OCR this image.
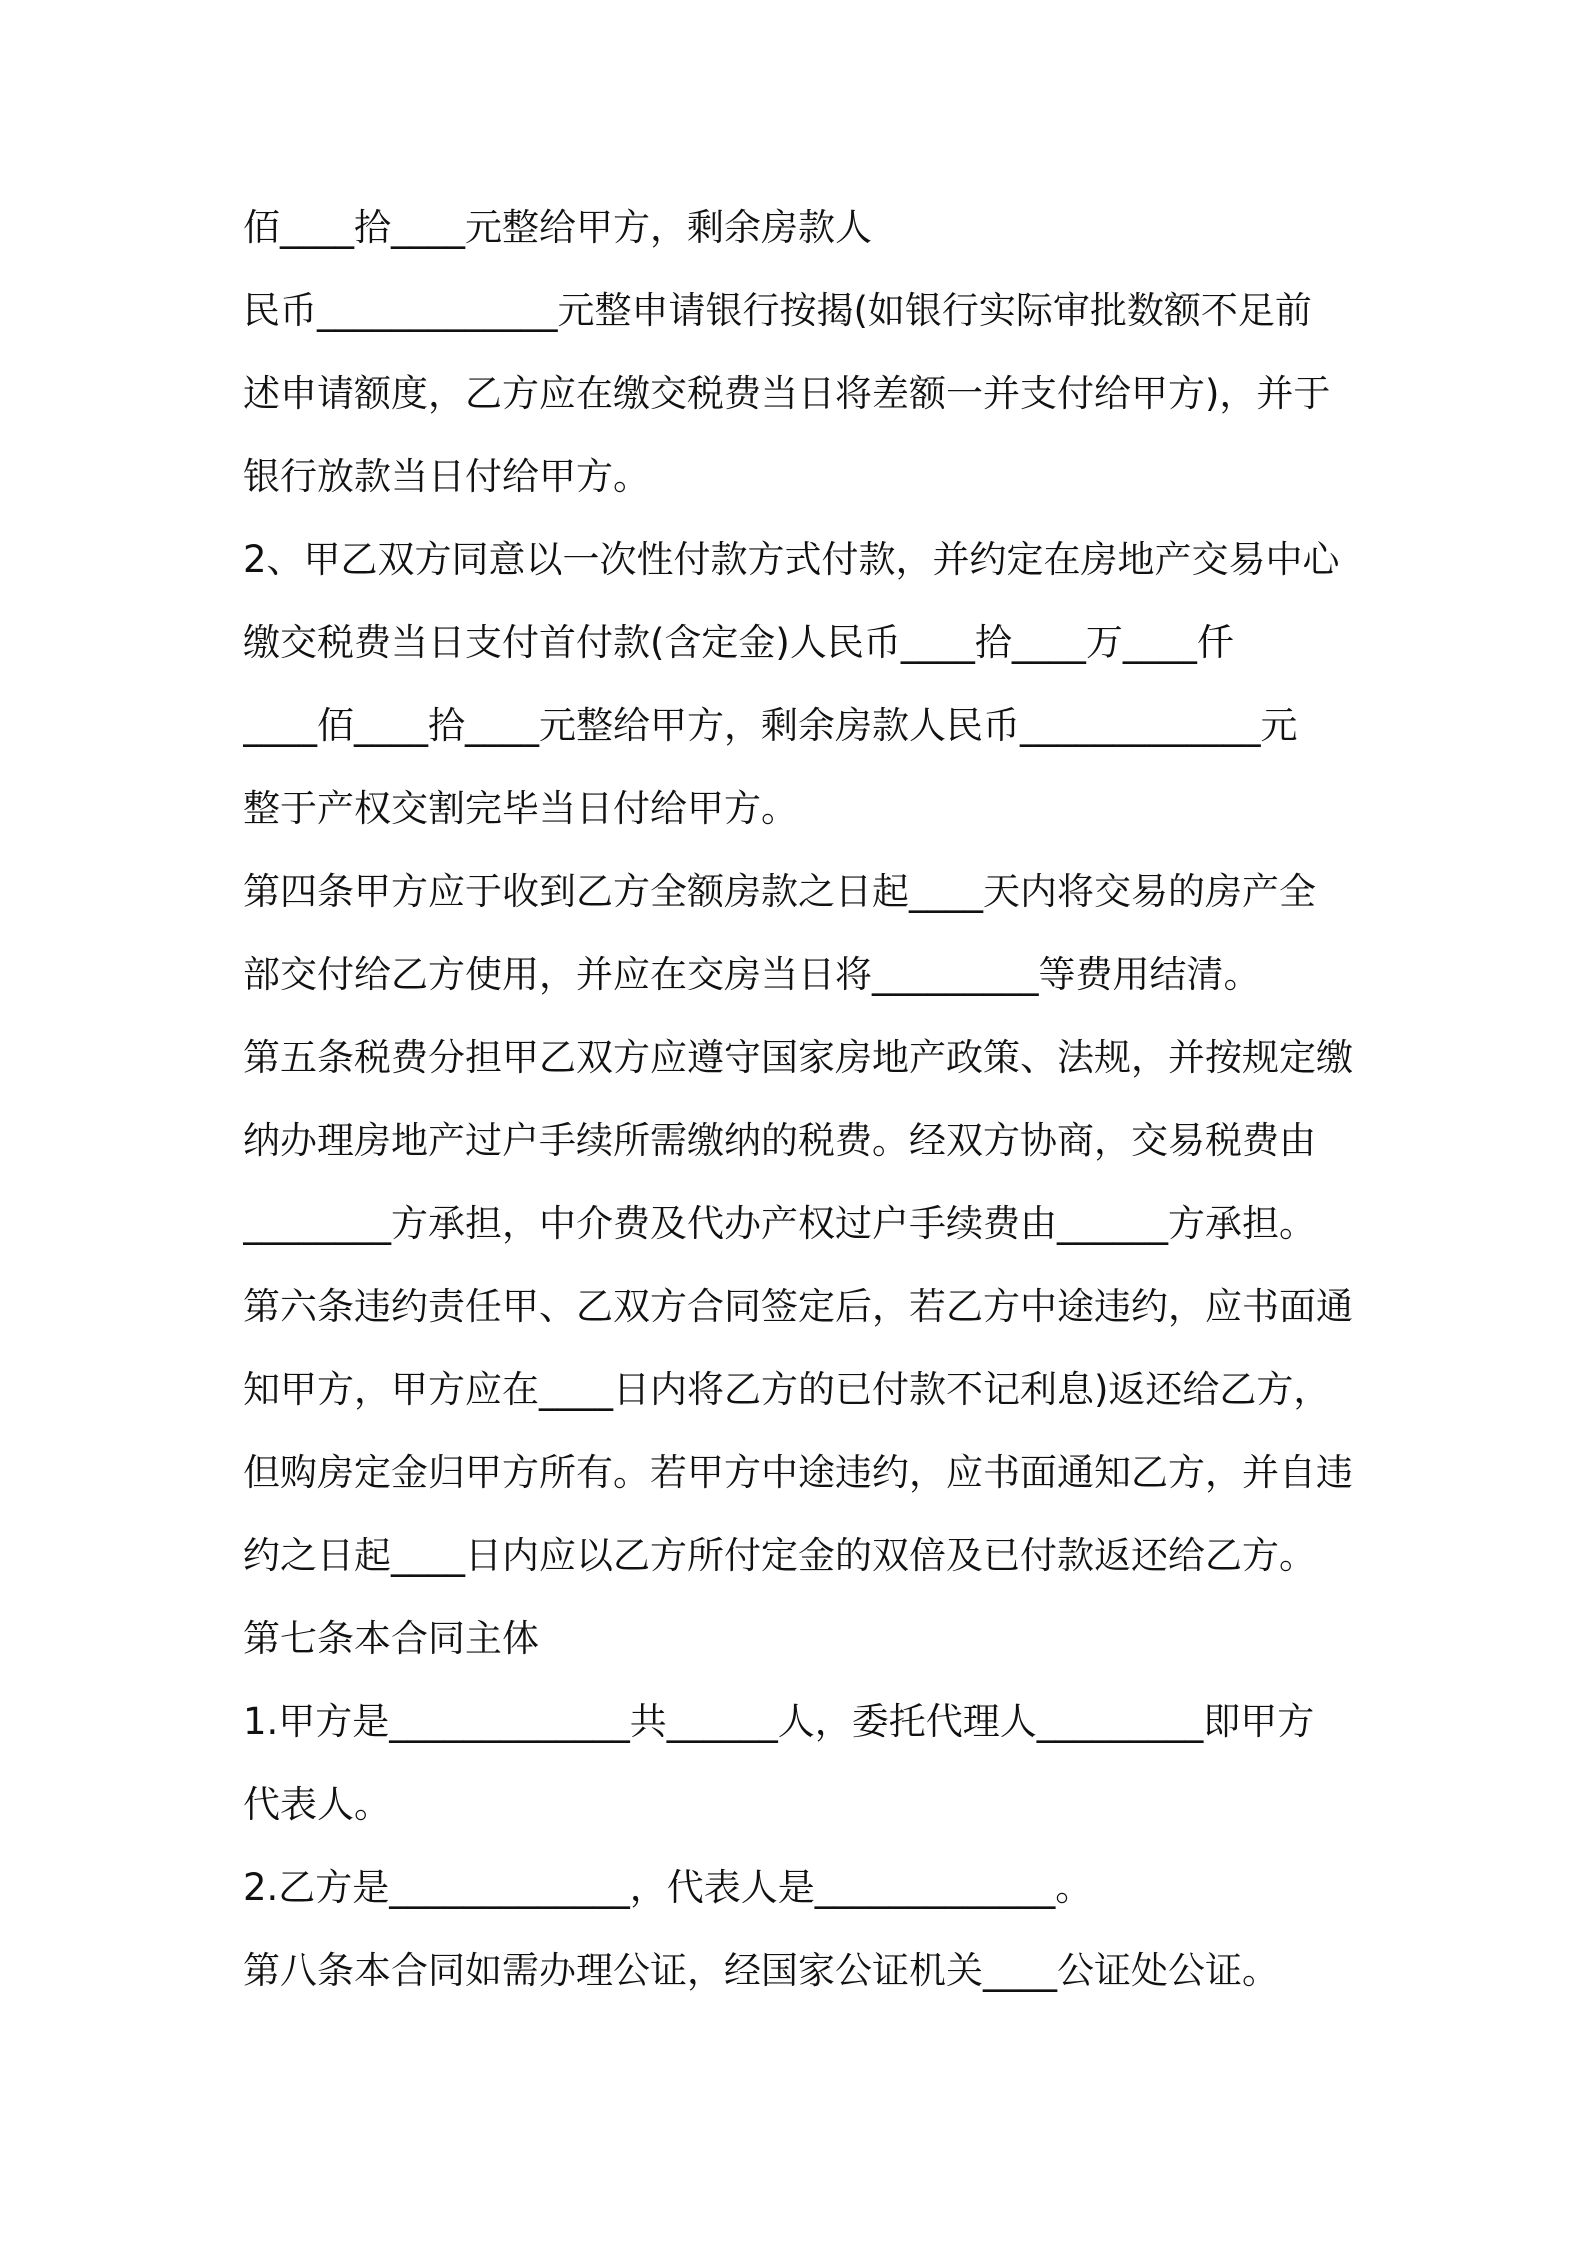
佰____拾____元整给甲方，剩余房款人
民币_____________元整申请银行按揭(如银行实际审批数额不足前
述申请额度，乙方应在缴交税费当日将差额一并支付给甲方)，并于
银行放款当日付给甲方。
2、甲乙双方同意以一次性付款方式付款，并约定在房地产交易中心
缴交税费当日支付首付款(含定金)人民币____拾____万____仟
____佰____拾____元整给甲方，剩余房款人民币_____________元
整于产权交割完毕当日付给甲方。
第四条甲方应于收到乙方全额房款之日起____天内将交易的房产全
部交付给乙方使用，并应在交房当日将_________等费用结清。
第五条税费分担甲乙双方应遵守国家房地产政策、法规，并按规定缴
纳办理房地产过户手续所需缴纳的税费。经双方协商，交易税费由
________方承担，中介费及代办产权过户手续费由______方承担。
第六条违约责任甲、乙双方合同签定后，若乙方中途违约，应书面通
知甲方，甲方应在____日内将乙方的已付款不记利息)返还给乙方，
但购房定金归甲方所有。若甲方中途违约，应书面通知乙方，并自违
约之日起____日内应以乙方所付定金的双倍及已付款返还给乙方。
第七条本合同主体
1.甲方是_____________共______人，委托代理人_________即甲方
代表人。
2.乙方是_____________，代表人是_____________。
第八条本合同如需办理公证，经国家公证机关____公证处公证。
